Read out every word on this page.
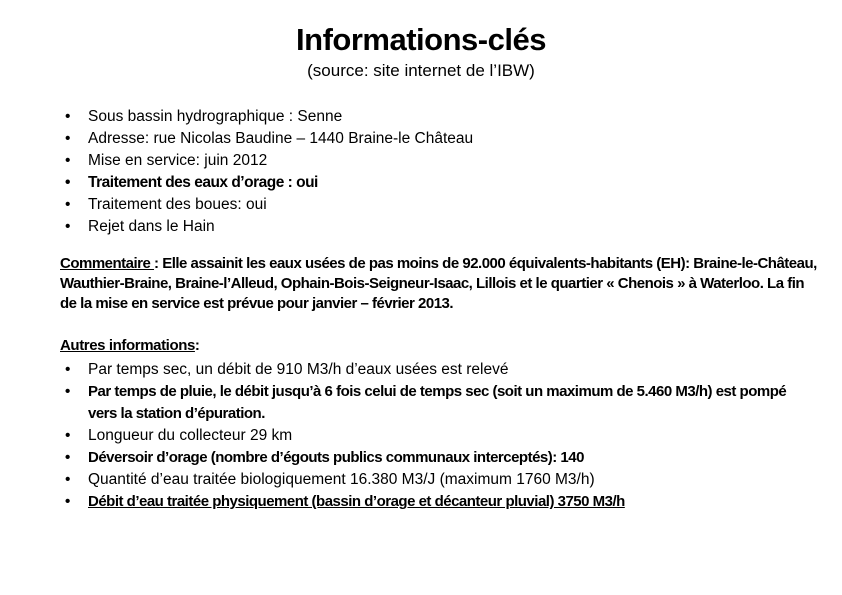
Informations-clés
(source: site internet de l’IBW)
• Sous bassin hydrographique : Senne
• Adresse: rue Nicolas Baudine – 1440 Braine-le Château
• Mise en service: juin 2012
• Traitement des eaux d’orage : oui
• Traitement des boues: oui
• Rejet dans le Hain

Commentaire : Elle assainit les eaux usées de pas moins de 92.000 équivalents-habitants (EH): Braine-le-Château, Wauthier-Braine, Braine-l’Alleud, Ophain-Bois-Seigneur-Isaac, Lillois et le quartier « Chenois » à Waterloo. La fin de la mise en service est prévue pour janvier – février 2013.

Autres informations:

• Par temps sec, un débit de 910 M3/h d’eaux usées est relevé
• Par temps de pluie, le débit jusqu’à 6 fois celui de temps sec (soit un maximum de 5.460 M3/h) est pompé vers la station d’épuration.
• Longueur du collecteur 29 km
• Déversoir d’orage (nombre d’égouts publics communaux interceptés): 140
• Quantité d’eau traitée biologiquement 16.380 M3/J (maximum 1760 M3/h)
• Débit d’eau traitée physiquement (bassin d’orage et décanteur pluvial) 3750 M3/h
